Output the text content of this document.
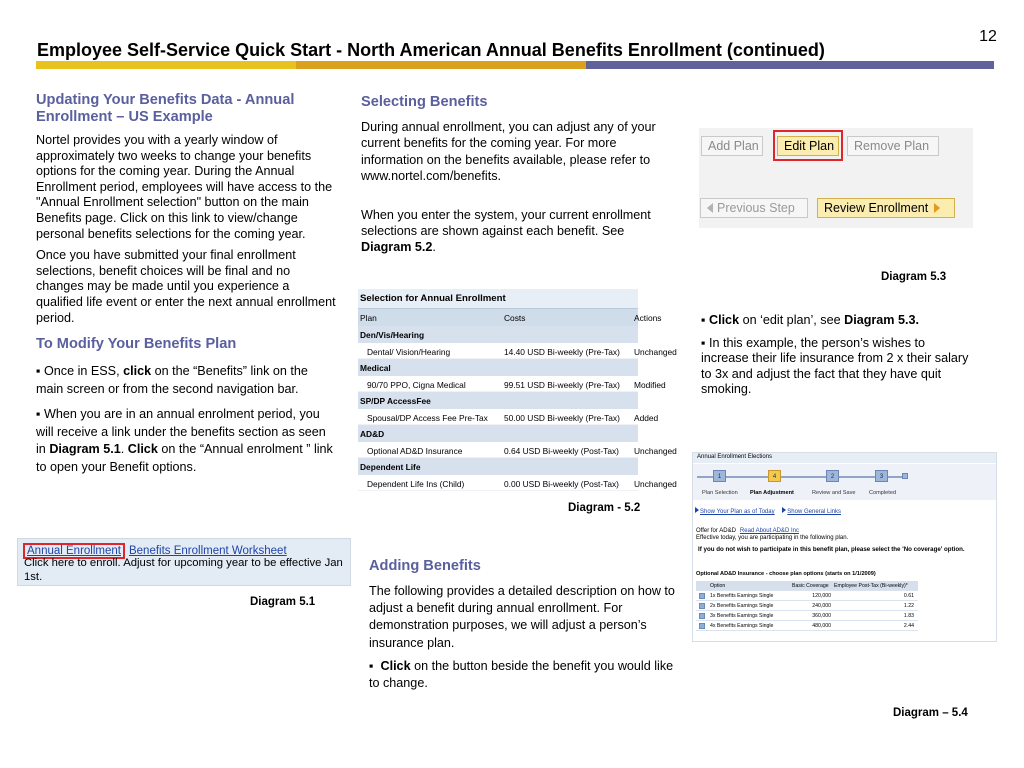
12
Employee Self-Service Quick Start - North American Annual Benefits Enrollment (continued)
Updating Your Benefits Data - Annual Enrollment – US Example

Nortel provides you with a yearly window of approximately two weeks to change your benefits options for the coming year. During the Annual Enrollment period, employees will have access to the "Annual Enrollment selection" button on the main Benefits page. Click on this link to view/change personal benefits selections for the coming year.

Once you have submitted your final enrollment selections, benefit choices will be final and no changes may be made until you experience a qualified life event or enter the next annual enrollment period.

To Modify Your Benefits Plan

▪ Once in ESS, click on the “Benefits” link on the main screen or from the second navigation bar.

▪ When you are in an annual enrolment period, you will receive a link under the benefits section as seen in Diagram 5.1. Click on the “Annual enrolment ” link to open your Benefit options.

Annual Enrollment Benefits Enrollment Worksheet
Click here to enroll. Adjust for upcoming year to be effective Jan 1st.
Diagram 5.1
Selecting Benefits

During annual enrollment, you can adjust any of your current benefits for the coming year. For more information on the benefits available, please refer to www.nortel.com/benefits.

When you enter the system, your current enrollment selections are shown against each benefit. See Diagram 5.2.

Selection for Annual Enrollment
Plan	Costs	Actions
Den/Vis/Hearing
Dental/ Vision/Hearing	14.40 USD Bi-weekly (Pre-Tax)	Unchanged
Medical
90/70 PPO, Cigna Medical	99.51 USD Bi-weekly (Pre-Tax)	Modified
SP/DP AccessFee
Spousal/DP Access Fee Pre-Tax	50.00 USD Bi-weekly (Pre-Tax)	Added
AD&D
Optional AD&D Insurance	0.64 USD Bi-weekly (Post-Tax)	Unchanged
Dependent Life
Dependent Life Ins (Child)	0.00 USD Bi-weekly (Post-Tax)	Unchanged
Diagram - 5.2
Adding Benefits

The following provides a detailed description on how to adjust a benefit during annual enrollment. For demonstration purposes, we will adjust a person’s insurance plan.

▪  Click on the button beside the benefit you would like to change.

Add Plan	Edit Plan	Remove Plan
Previous Step	Review Enrollment
Diagram 5.3

▪ Click on ‘edit plan’, see Diagram 5.3.

▪ In this example, the person’s wishes to increase their life insurance from 2 x their salary to 3x and adjust the fact that they have quit smoking.

Annual Enrollment Elections
1	4	2	3
Plan Selection Plan Adjustment	Review and Save Completed
Show Your Plan as of Today Show General Links
Offer for AD&D Read About AD&D Inc
Effective today, you are participating in the following plan.
If you do not wish to participate in this benefit plan, please select the 'No coverage' option.
Optional AD&D Insurance - choose plan options (starts on 1/1/2009)
Option	Basic Coverage	Employee Post-Tax (Bi-weekly)*
1x Benefits Earnings Single	120,000	0.61
2x Benefits Earnings Single	240,000	1.22
3x Benefits Earnings Single	360,000	1.83
4x Benefits Earnings Single	480,000	2.44
Diagram – 5.4
